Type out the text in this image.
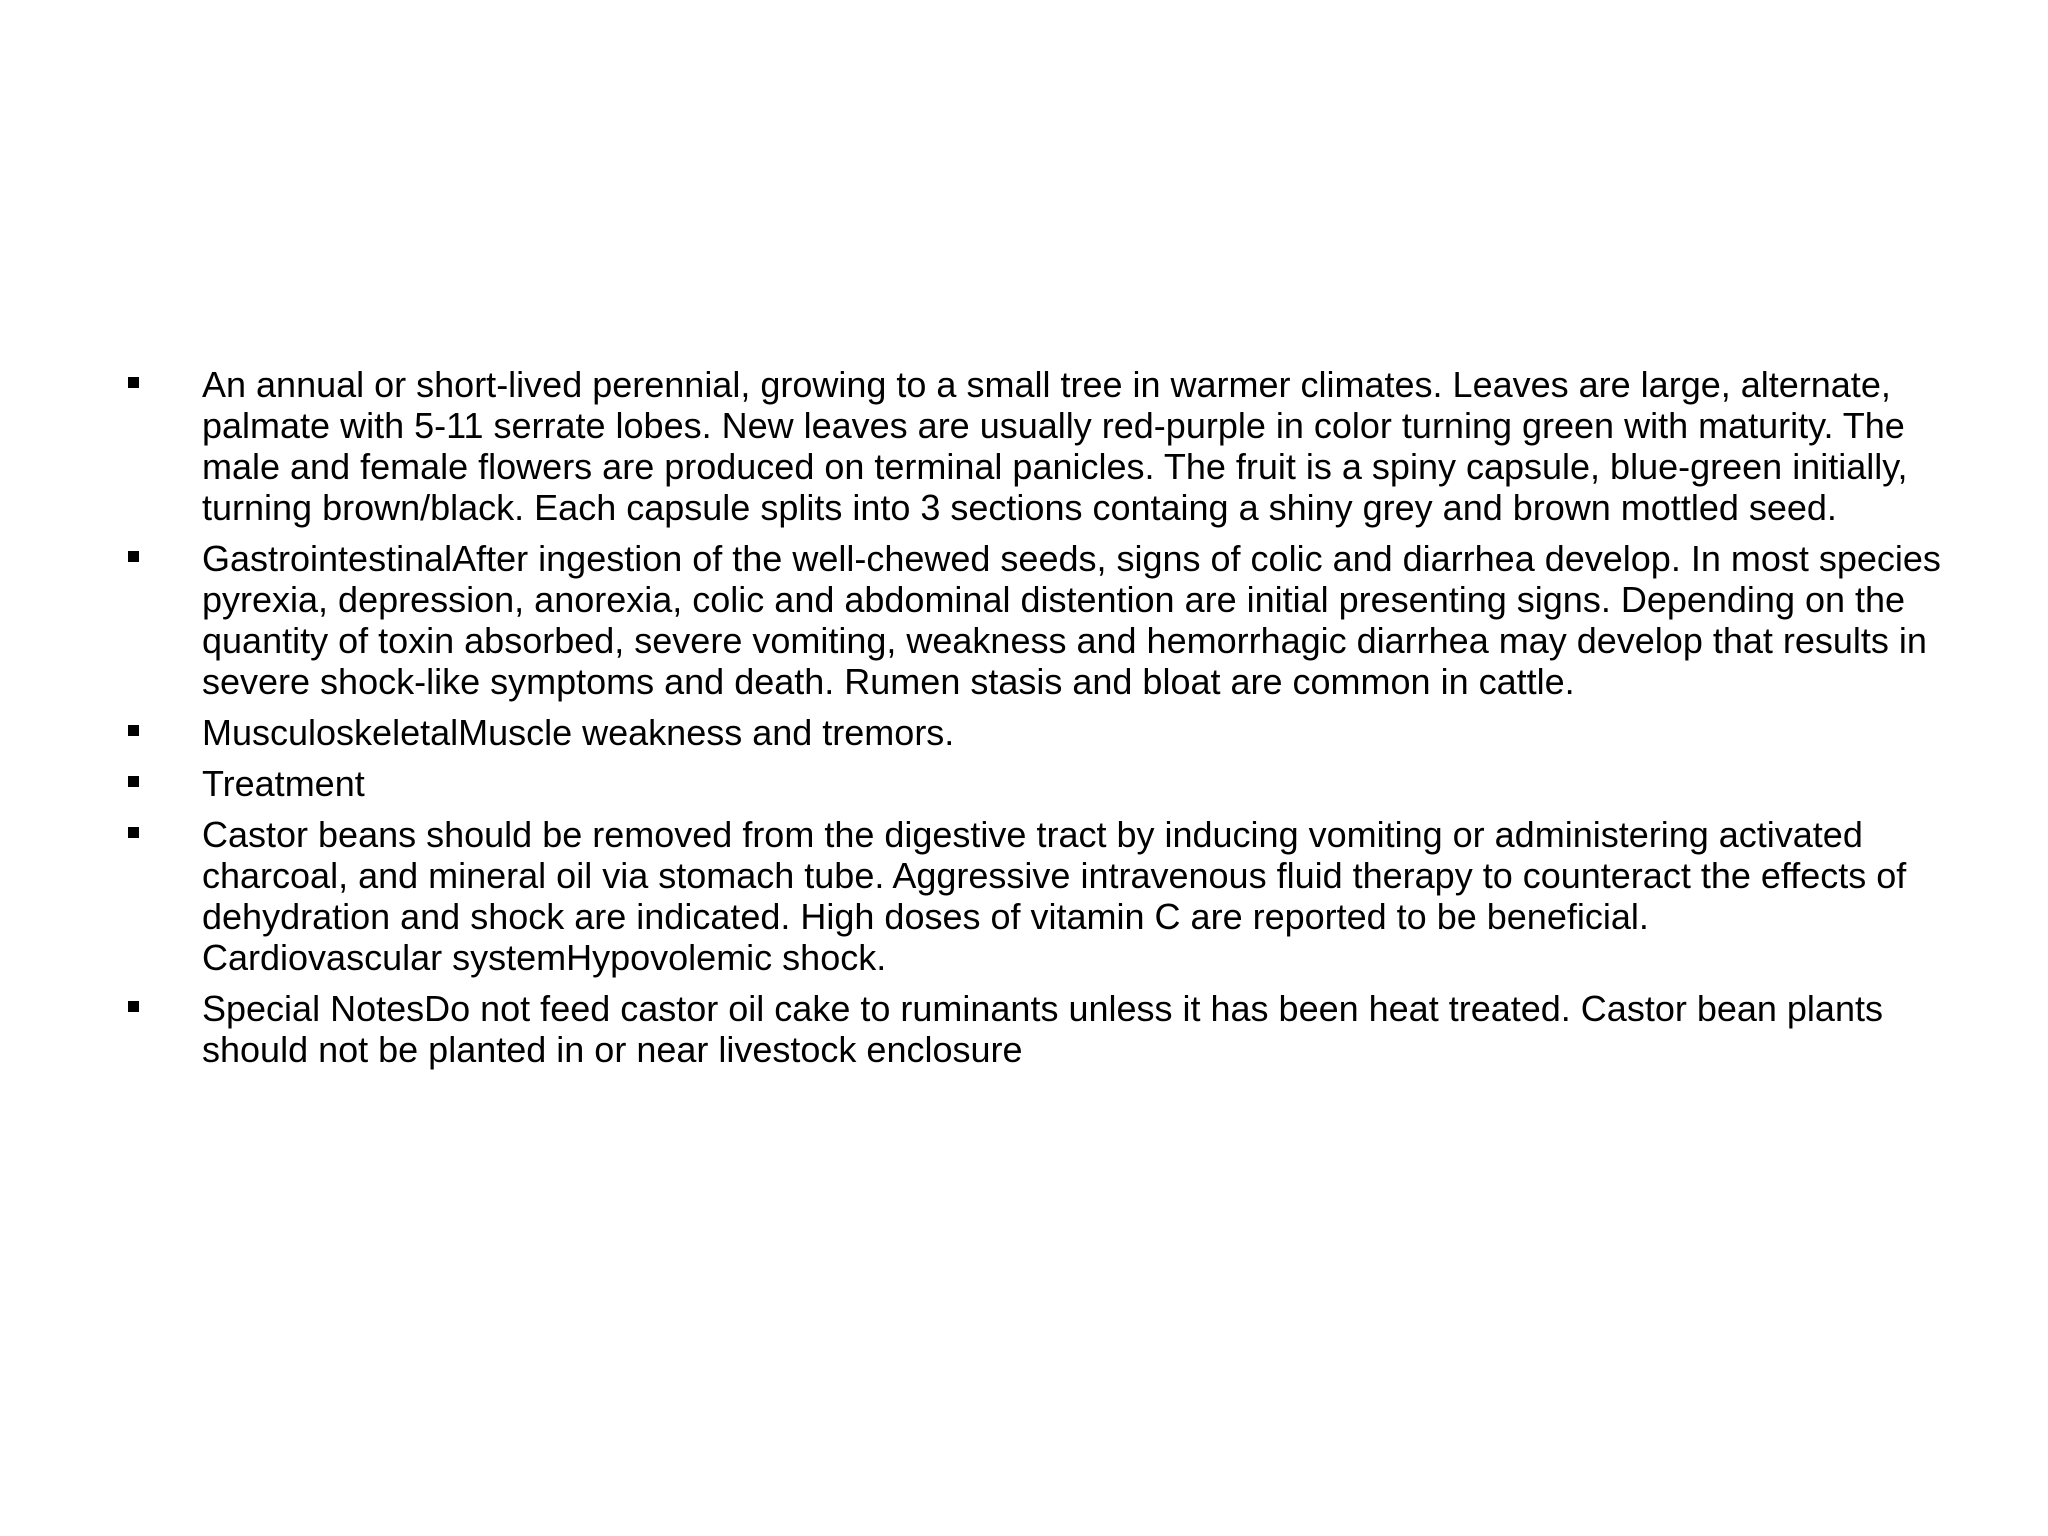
An annual or short-lived perennial, growing to a small tree in warmer climates. Leaves are large, alternate, palmate with 5-11 serrate lobes. New leaves are usually red-purple in color turning green with maturity. The male and female flowers are produced on terminal panicles. The fruit is a spiny capsule, blue-green initially, turning brown/black. Each capsule splits into 3 sections containg a shiny grey and brown mottled seed.
GastrointestinalAfter ingestion of the well-chewed seeds, signs of colic and diarrhea develop. In most species pyrexia, depression, anorexia, colic and abdominal distention are initial presenting signs. Depending on the quantity of toxin absorbed, severe vomiting, weakness and hemorrhagic diarrhea may develop that results in severe shock-like symptoms and death. Rumen stasis and bloat are common in cattle.
MusculoskeletalMuscle weakness and tremors.
Treatment
Castor beans should be removed from the digestive tract by inducing vomiting or administering activated charcoal, and mineral oil via stomach tube. Aggressive intravenous fluid therapy to counteract the effects of dehydration and shock are indicated. High doses of vitamin C are reported to be beneficial.
Cardiovascular systemHypovolemic shock.
Special NotesDo not feed castor oil cake to ruminants unless it has been heat treated. Castor bean plants should not be planted in or near livestock enclosure
